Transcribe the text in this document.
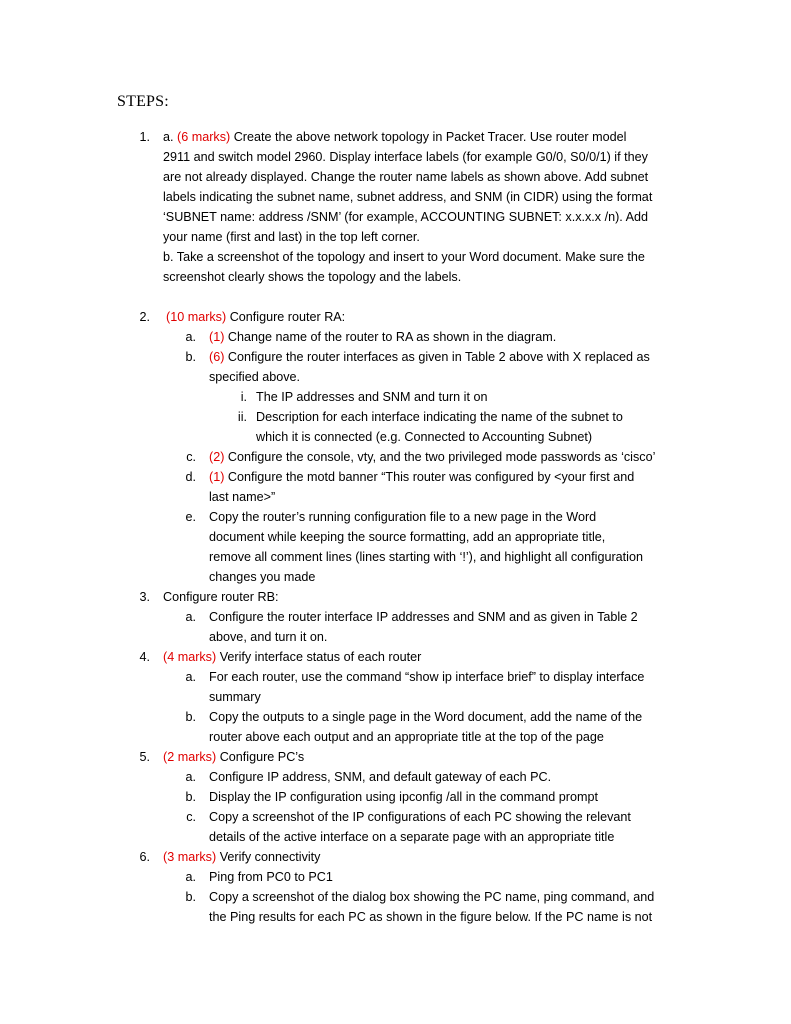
STEPS:
1. a. (6 marks) Create the above network topology in Packet Tracer. Use router model
2911 and switch model 2960. Display interface labels (for example G0/0, S0/0/1) if they
are not already displayed. Change the router name labels as shown above. Add subnet
labels indicating the subnet name, subnet address, and SNM (in CIDR) using the format
‘SUBNET name: address /SNM’ (for example, ACCOUNTING SUBNET: x.x.x.x /n). Add
your name (first and last) in the top left corner.
b. Take a screenshot of the topology and insert to your Word document. Make sure the
screenshot clearly shows the topology and the labels.
2. (10 marks) Configure router RA:
a. (1) Change name of the router to RA as shown in the diagram.
b. (6) Configure the router interfaces as given in Table 2 above with X replaced as
specified above.
i. The IP addresses and SNM and turn it on
ii. Description for each interface indicating the name of the subnet to
which it is connected (e.g. Connected to Accounting Subnet)
c. (2) Configure the console, vty, and the two privileged mode passwords as ‘cisco’
d. (1) Configure the motd banner “This router was configured by <your first and
last name>”
e. Copy the router’s running configuration file to a new page in the Word
document while keeping the source formatting, add an appropriate title,
remove all comment lines (lines starting with ‘!’), and highlight all configuration
changes you made
3. Configure router RB:
a. Configure the router interface IP addresses and SNM and as given in Table 2
above, and turn it on.
4. (4 marks) Verify interface status of each router
a. For each router, use the command “show ip interface brief” to display interface
summary
b. Copy the outputs to a single page in the Word document, add the name of the
router above each output and an appropriate title at the top of the page
5. (2 marks) Configure PC’s
a. Configure IP address, SNM, and default gateway of each PC.
b. Display the IP configuration using ipconfig /all in the command prompt
c. Copy a screenshot of the IP configurations of each PC showing the relevant
details of the active interface on a separate page with an appropriate title
6. (3 marks) Verify connectivity
a. Ping from PC0 to PC1
b. Copy a screenshot of the dialog box showing the PC name, ping command, and
the Ping results for each PC as shown in the figure below. If the PC name is not
